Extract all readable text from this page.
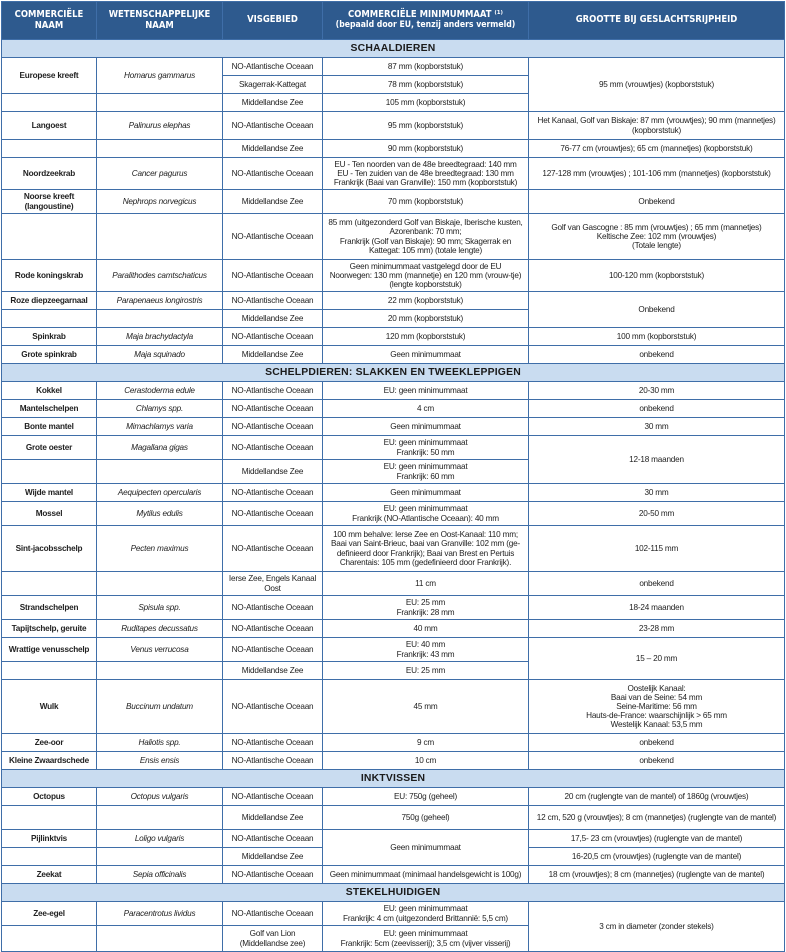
COMMERCIËLE NAAM	WETENSCHAPPELIJKE NAAM	VISGEBIED	COMMERCIËLE MINIMUMMAAT ⁽¹⁾
(bepaald door EU, tenzij anders vermeld)	GROOTTE BIJ GESLACHTSRIJPHEID
SCHAALDIEREN				
Europese kreeft	Homarus gammarus	NO-Atlantische Oceaan	87 mm (kopborststuk)	95 mm (vrouwtjes) (kopborststuk)
		Skagerrak-Kattegat	78 mm (kopborststuk)	
		Middellandse Zee	105 mm (kopborststuk)	
Langoest	Palinurus elephas	NO-Atlantische Oceaan	95 mm (kopborststuk)	Het Kanaal, Golf van Biskaje: 87 mm (vrouwtjes); 90 mm (mannetjes) (kopborststuk)
		Middellandse Zee	90 mm (kopborststuk)	76-77 cm (vrouwtjes); 65 cm (mannetjes) (kopborststuk)
Noordzeekrab	Cancer pagurus	NO-Atlantische Oceaan	EU - Ten noorden van de 48e breedtegraad: 140 mm
EU - Ten zuiden van de 48e breedtegraad: 130 mm
Frankrijk (Baai van Granville): 150 mm (kopborststuk)	127-128 mm (vrouwtjes) ; 101-106 mm (mannetjes) (kopborststuk)
Noorse kreeft (langoustine)	Nephrops norvegicus	Middellandse Zee	70 mm (kopborststuk)	Onbekend
		NO-Atlantische Oceaan	85 mm (uitgezonderd Golf van Biskaje, Iberische kusten, Azorenbank: 70 mm;
Frankrijk (Golf van Biskaje): 90 mm; Skagerrak en Kattegat: 105 mm) (totale lengte)	Golf van Gascogne : 85 mm (vrouwtjes) ; 65 mm (mannetjes)
Keltische Zee: 102 mm (vrouwtjes)
(Totale lengte)
Rode koningskrab	Paralithodes camtschaticus	NO-Atlantische Oceaan	Geen minimummaat vastgelegd door de EU
Noorwegen: 130 mm (mannetje) en 120 mm (vrouw-tje) (lengte kopborststuk)	100-120 mm (kopborststuk)
Roze diepzeegarnaal	Parapenaeus longirostris	NO-Atlantische Oceaan	22 mm (kopborststuk)	Onbekend
		Middellandse Zee	20 mm (kopborststuk)	
Spinkrab	Maja brachydactyla	NO-Atlantische Oceaan	120 mm (kopborststuk)	100 mm (kopborststuk)
Grote spinkrab	Maja squinado	Middellandse Zee	Geen minimummaat	onbekend
SCHELPDIEREN: SLAKKEN EN TWEEKLEPPIGEN				
Kokkel	Cerastoderma edule	NO-Atlantische Oceaan	EU: geen minimummaat	20-30 mm
Mantelschelpen	Chlamys spp.	NO-Atlantische Oceaan	4 cm	onbekend
Bonte mantel	Mimachlamys varia	NO-Atlantische Oceaan	Geen minimummaat	30 mm
Grote oester	Magallana gigas	NO-Atlantische Oceaan	EU: geen minimummaat
Frankrijk: 50 mm	12-18 maanden
		Middellandse Zee	EU: geen minimummaat
Frankrijk: 60 mm	
Wijde mantel	Aequipecten opercularis	NO-Atlantische Oceaan	Geen minimummaat	30 mm
Mossel	Mytilus edulis	NO-Atlantische Oceaan	EU: geen minimummaat
Frankrijk (NO-Atlantische Oceaan): 40 mm	20-50 mm
Sint-jacobsschelp	Pecten maximus	NO-Atlantische Oceaan	100 mm behalve: Ierse Zee en Oost-Kanaal: 110 mm;
Baai van Saint-Brieuc, baai van Granville: 102 mm (ge-definieerd door Frankrijk); Baai van Brest en Pertuis Charentais: 105 mm (gedefinieerd door Frankrijk).	102-115 mm
		Ierse Zee, Engels Kanaal Oost	11 cm	onbekend
Strandschelpen	Spisula spp.	NO-Atlantische Oceaan	EU: 25 mm
Frankrijk: 28 mm	18-24 maanden
Tapijtschelp, geruite	Ruditapes decussatus	NO-Atlantische Oceaan	40 mm	23-28 mm
Wrattige venusschelp	Venus verrucosa	NO-Atlantische Oceaan	EU: 40 mm
Frankrijk: 43 mm	15 – 20 mm
		Middellandse Zee	EU: 25 mm	
Wulk	Buccinum undatum	NO-Atlantische Oceaan	45 mm	Oostelijk Kanaal:
Baai van de Seine: 54 mm
Seine-Maritime: 56 mm
Hauts-de-France: waarschijnlijk > 65 mm
Westelijk Kanaal: 53,5 mm
Zee-oor	Haliotis spp.	NO-Atlantische Oceaan	9 cm	onbekend
Kleine Zwaardschede	Ensis ensis	NO-Atlantische Oceaan	10 cm	onbekend
INKTVISSEN				
Octopus	Octopus vulgaris	NO-Atlantische Oceaan	EU: 750g (geheel)	20 cm (ruglengte van de mantel) of 1860g (vrouwtjes)
		Middellandse Zee	750g (geheel)	12 cm, 520 g (vrouwtjes); 8 cm (mannetjes) (ruglengte van de mantel)
Pijlinktvis	Loligo vulgaris	NO-Atlantische Oceaan	Geen minimummaat	17,5- 23 cm (vrouwtjes) (ruglengte van de mantel)
		Middellandse Zee		16-20,5 cm (vrouwtjes) (ruglengte van de mantel)
Zeekat	Sepia officinalis	NO-Atlantische Oceaan	Geen minimummaat (minimaal handelsgewicht is 100g)	18 cm (vrouwtjes); 8 cm (mannetjes) (ruglengte van de mantel)
STEKELHUIDIGEN				
Zee-egel	Paracentrotus lividus	NO-Atlantische Oceaan	EU: geen minimummaat
Frankrijk: 4 cm (uitgezonderd Brittannië: 5,5 cm)	3 cm in diameter (zonder stekels)
		Golf van Lion (Middellandse zee)	EU: geen minimummaat
Frankrijk: 5cm (zeevisserij); 3,5 cm (vijver visserij)	
